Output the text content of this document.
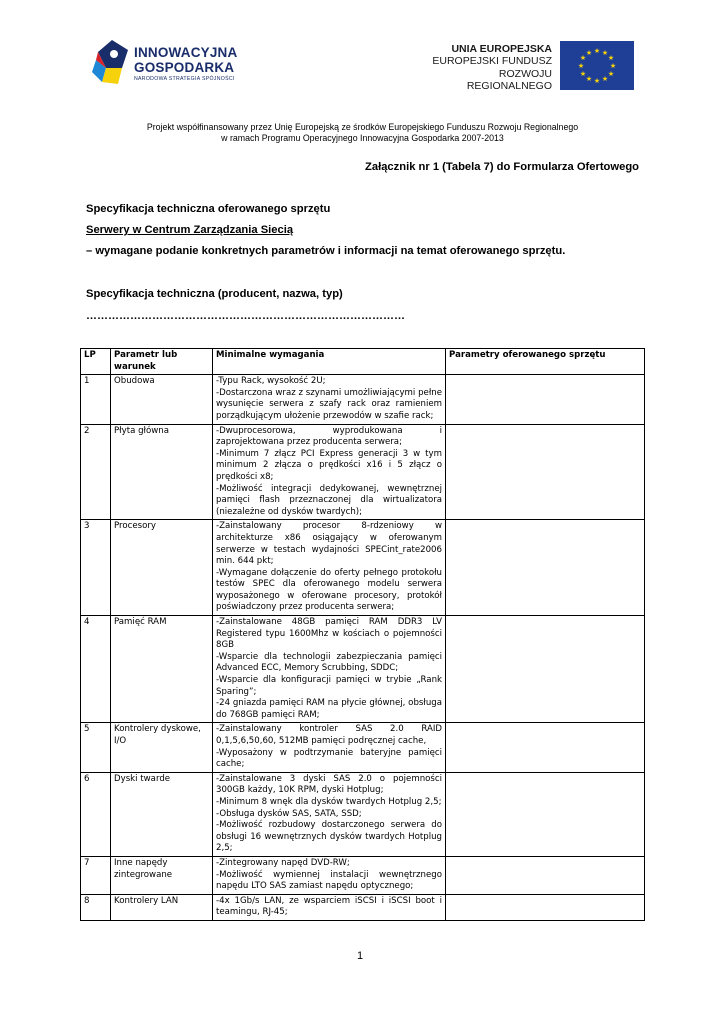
INNOWACYJNA
GOSPODARKA
NARODOWA STRATEGIA SPÓJNOŚCI
UNIA EUROPEJSKA
EUROPEJSKI FUNDUSZ
ROZWOJU REGIONALNEGO
★ ★
★
★
★
★
★
★
★
★
★
★
Projekt współfinansowany przez Unię Europejską ze środków Europejskiego Funduszu Rozwoju Regionalnego
w ramach Programu Operacyjnego Innowacyjna Gospodarka 2007-2013
Załącznik nr 1 (Tabela 7) do Formularza Ofertowego
Specyfikacja techniczna oferowanego sprzętu
Serwery w Centrum Zarządzania Siecią
– wymagane podanie konkretnych parametrów i informacji na temat oferowanego sprzętu.
Specyfikacja techniczna (producent, nazwa, typ)
……………………………………………………………………………
LP	Parametr lub warunek	Minimalne wymagania	Parametry oferowanego sprzętu
1	Obudowa	-Typu Rack, wysokość 2U;
-Dostarczona wraz z szynami umożliwiającymi pełne wysunięcie serwera z szafy rack oraz ramieniem porządkującym ułożenie przewodów w szafie rack;	
2	Płyta główna	-Dwuprocesorowa, wyprodukowana i zaprojektowana przez producenta serwera;
-Minimum 7 złącz PCI Express generacji 3 w tym minimum 2 złącza o prędkości x16 i 5 złącz o prędkości x8;
-Możliwość integracji dedykowanej, wewnętrznej pamięci flash przeznaczonej dla wirtualizatora (niezależne od dysków twardych);	
3	Procesory	-Zainstalowany procesor 8-rdzeniowy w architekturze x86 osiągający w oferowanym serwerze w testach wydajności SPECint_rate2006 min. 644 pkt;
-Wymagane dołączenie do oferty pełnego protokołu testów SPEC dla oferowanego modelu serwera wyposażonego w oferowane procesory, protokół poświadczony przez producenta serwera;	
4	Pamięć RAM	-Zainstalowane 48GB pamięci RAM DDR3 LV Registered typu 1600Mhz w kościach o pojemności 8GB
-Wsparcie dla technologii zabezpieczania pamięci Advanced ECC, Memory Scrubbing, SDDC;
-Wsparcie dla konfiguracji pamięci w trybie „Rank Sparing”;
-24 gniazda pamięci RAM na płycie głównej, obsługa do 768GB pamięci RAM;	
5	Kontrolery dyskowe, I/O	-Zainstalowany kontroler SAS 2.0 RAID 0,1,5,6,50,60, 512MB pamięci podręcznej cache,
-Wyposażony w podtrzymanie bateryjne pamięci cache;	
6	Dyski twarde	-Zainstalowane 3 dyski SAS 2.0 o pojemności 300GB każdy, 10K RPM, dyski Hotplug;
-Minimum 8 wnęk dla dysków twardych Hotplug 2,5;
-Obsługa dysków SAS, SATA, SSD;
-Możliwość rozbudowy dostarczonego serwera do obsługi 16 wewnętrznych dysków twardych Hotplug 2,5;	
7	Inne napędy zintegrowane	-Zintegrowany napęd DVD-RW;
-Możliwość wymiennej instalacji wewnętrznego napędu LTO SAS zamiast napędu optycznego;	
8	Kontrolery LAN	-4x 1Gb/s LAN, ze wsparciem iSCSI i iSCSI boot i teamingu, RJ-45;	
1
